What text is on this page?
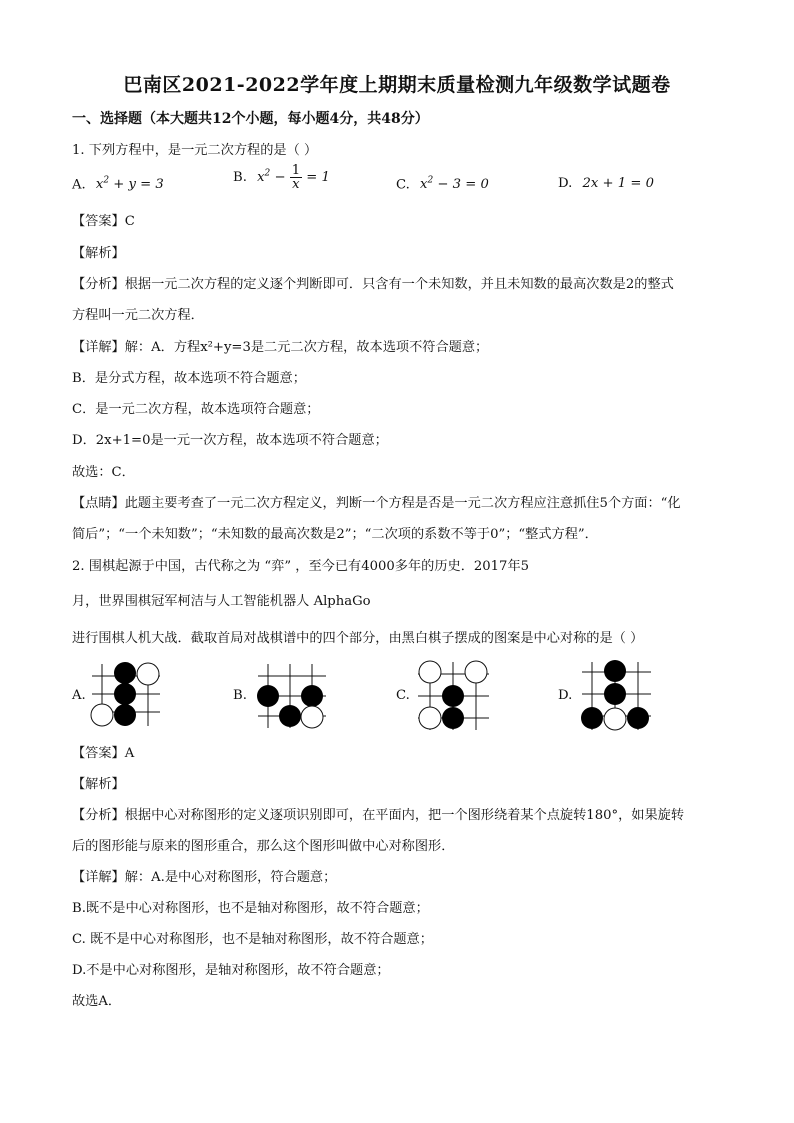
巴南区2021-2022学年度上期期末质量检测九年级数学试题卷
一、选择题（本大题共12个小题，每小题4分，共48分）
1. 下列方程中，是一元二次方程的是（ ）
A. $x^2 + y = 3$	B. $x^2 - \frac{1}{x} = 1$	C. $x^2 - 3 = 0$	D. 2x + 1 = 0
【答案】C
【解析】
【分析】根据一元二次方程的定义逐个判断即可．只含有一个未知数，并且未知数的最高次数是2的整式
方程叫一元二次方程．
【详解】解：A．方程x²+y=3是二元二次方程，故本选项不符合题意；
B．是分式方程，故本选项不符合题意；
C．是一元二次方程，故本选项符合题意；
D．2x+1=0是一元一次方程，故本选项不符合题意；
故选：C．
【点睛】此题主要考查了一元二次方程定义，判断一个方程是否是一元二次方程应注意抓住5个方面：“化
简后”；“一个未知数”；“未知数的最高次数是2”；“二次项的系数不等于0”；“整式方程”．
2. 围棋起源于中国，古代称之为 “弈” ，至今已有4000多年的历史．2017年5
月，世界围棋冠军柯洁与人工智能机器人 AlphaGo
进行围棋人机大战．截取首局对战棋谱中的四个部分，由黑白棋子摆成的图案是中心对称的是（ ）
A.	B.	C.	D.
【答案】A
【解析】
【分析】根据中心对称图形的定义逐项识别即可，在平面内，把一个图形绕着某个点旋转180°，如果旋转
后的图形能与原来的图形重合，那么这个图形叫做中心对称图形．
【详解】解：A.是中心对称图形，符合题意；
B.既不是中心对称图形，也不是轴对称图形，故不符合题意；
C. 既不是中心对称图形，也不是轴对称图形，故不符合题意；
D.不是中心对称图形，是轴对称图形，故不符合题意；
故选A．
